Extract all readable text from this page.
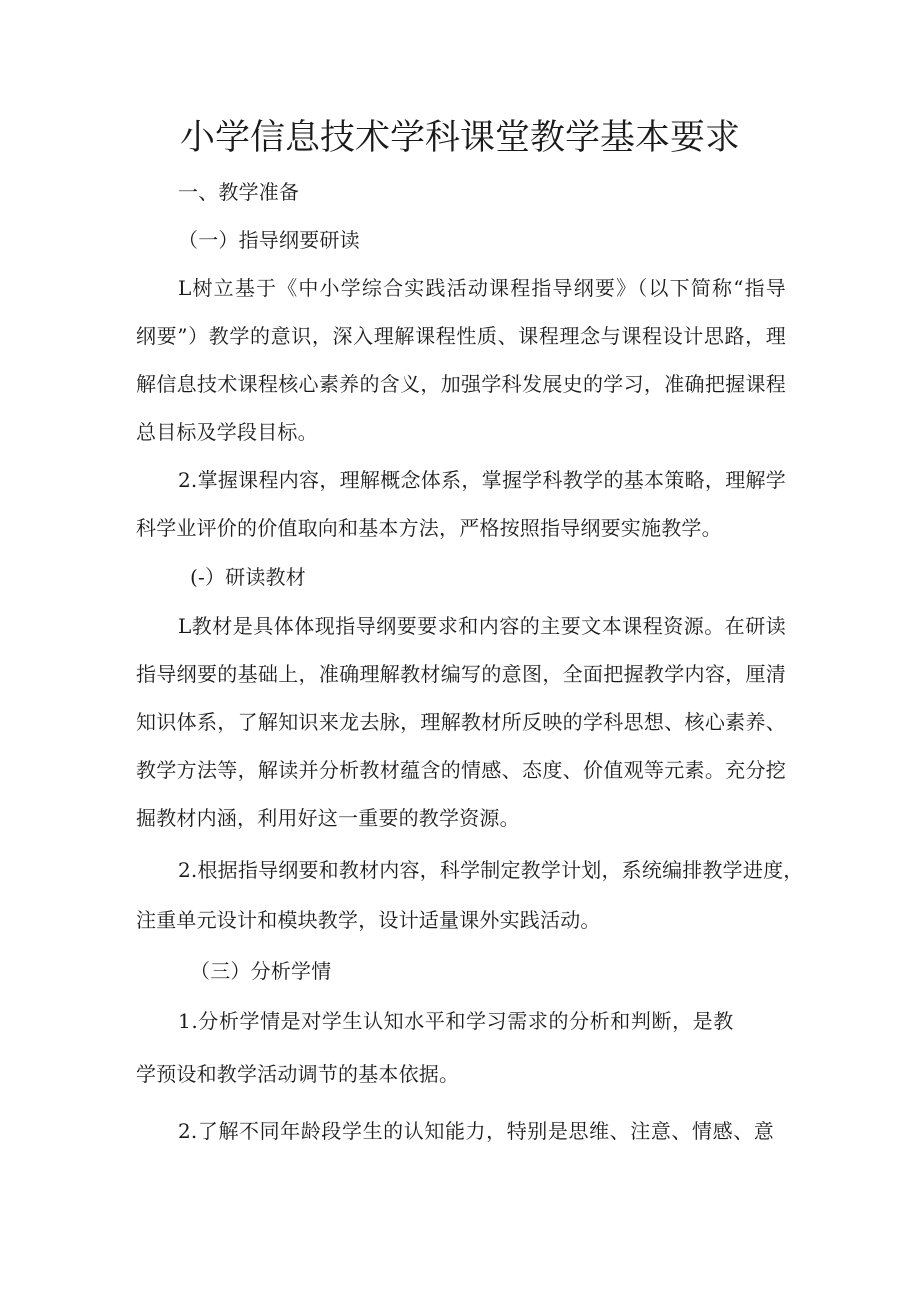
小学信息技术学科课堂教学基本要求
一、教学准备
（一）指导纲要研读
L树立基于《中小学综合实践活动课程指导纲要》（以下简称“指导
纲要”）教学的意识，深入理解课程性质、课程理念与课程设计思路，理
解信息技术课程核心素养的含义，加强学科发展史的学习，准确把握课程
总目标及学段目标。
2.掌握课程内容，理解概念体系，掌握学科教学的基本策略，理解学
科学业评价的价值取向和基本方法，严格按照指导纲要实施教学。
(-）研读教材
L教材是具体体现指导纲要要求和内容的主要文本课程资源。在研读
指导纲要的基础上，准确理解教材编写的意图，全面把握教学内容，厘清
知识体系，了解知识来龙去脉，理解教材所反映的学科思想、核心素养、
教学方法等，解读并分析教材蕴含的情感、态度、价值观等元素。充分挖
掘教材内涵，利用好这一重要的教学资源。
2.根据指导纲要和教材内容，科学制定教学计划，系统编排教学进度，
注重单元设计和模块教学，设计适量课外实践活动。
（三）分析学情
1.分析学情是对学生认知水平和学习需求的分析和判断，是教
学预设和教学活动调节的基本依据。
2.了解不同年龄段学生的认知能力，特别是思维、注意、情感、意
